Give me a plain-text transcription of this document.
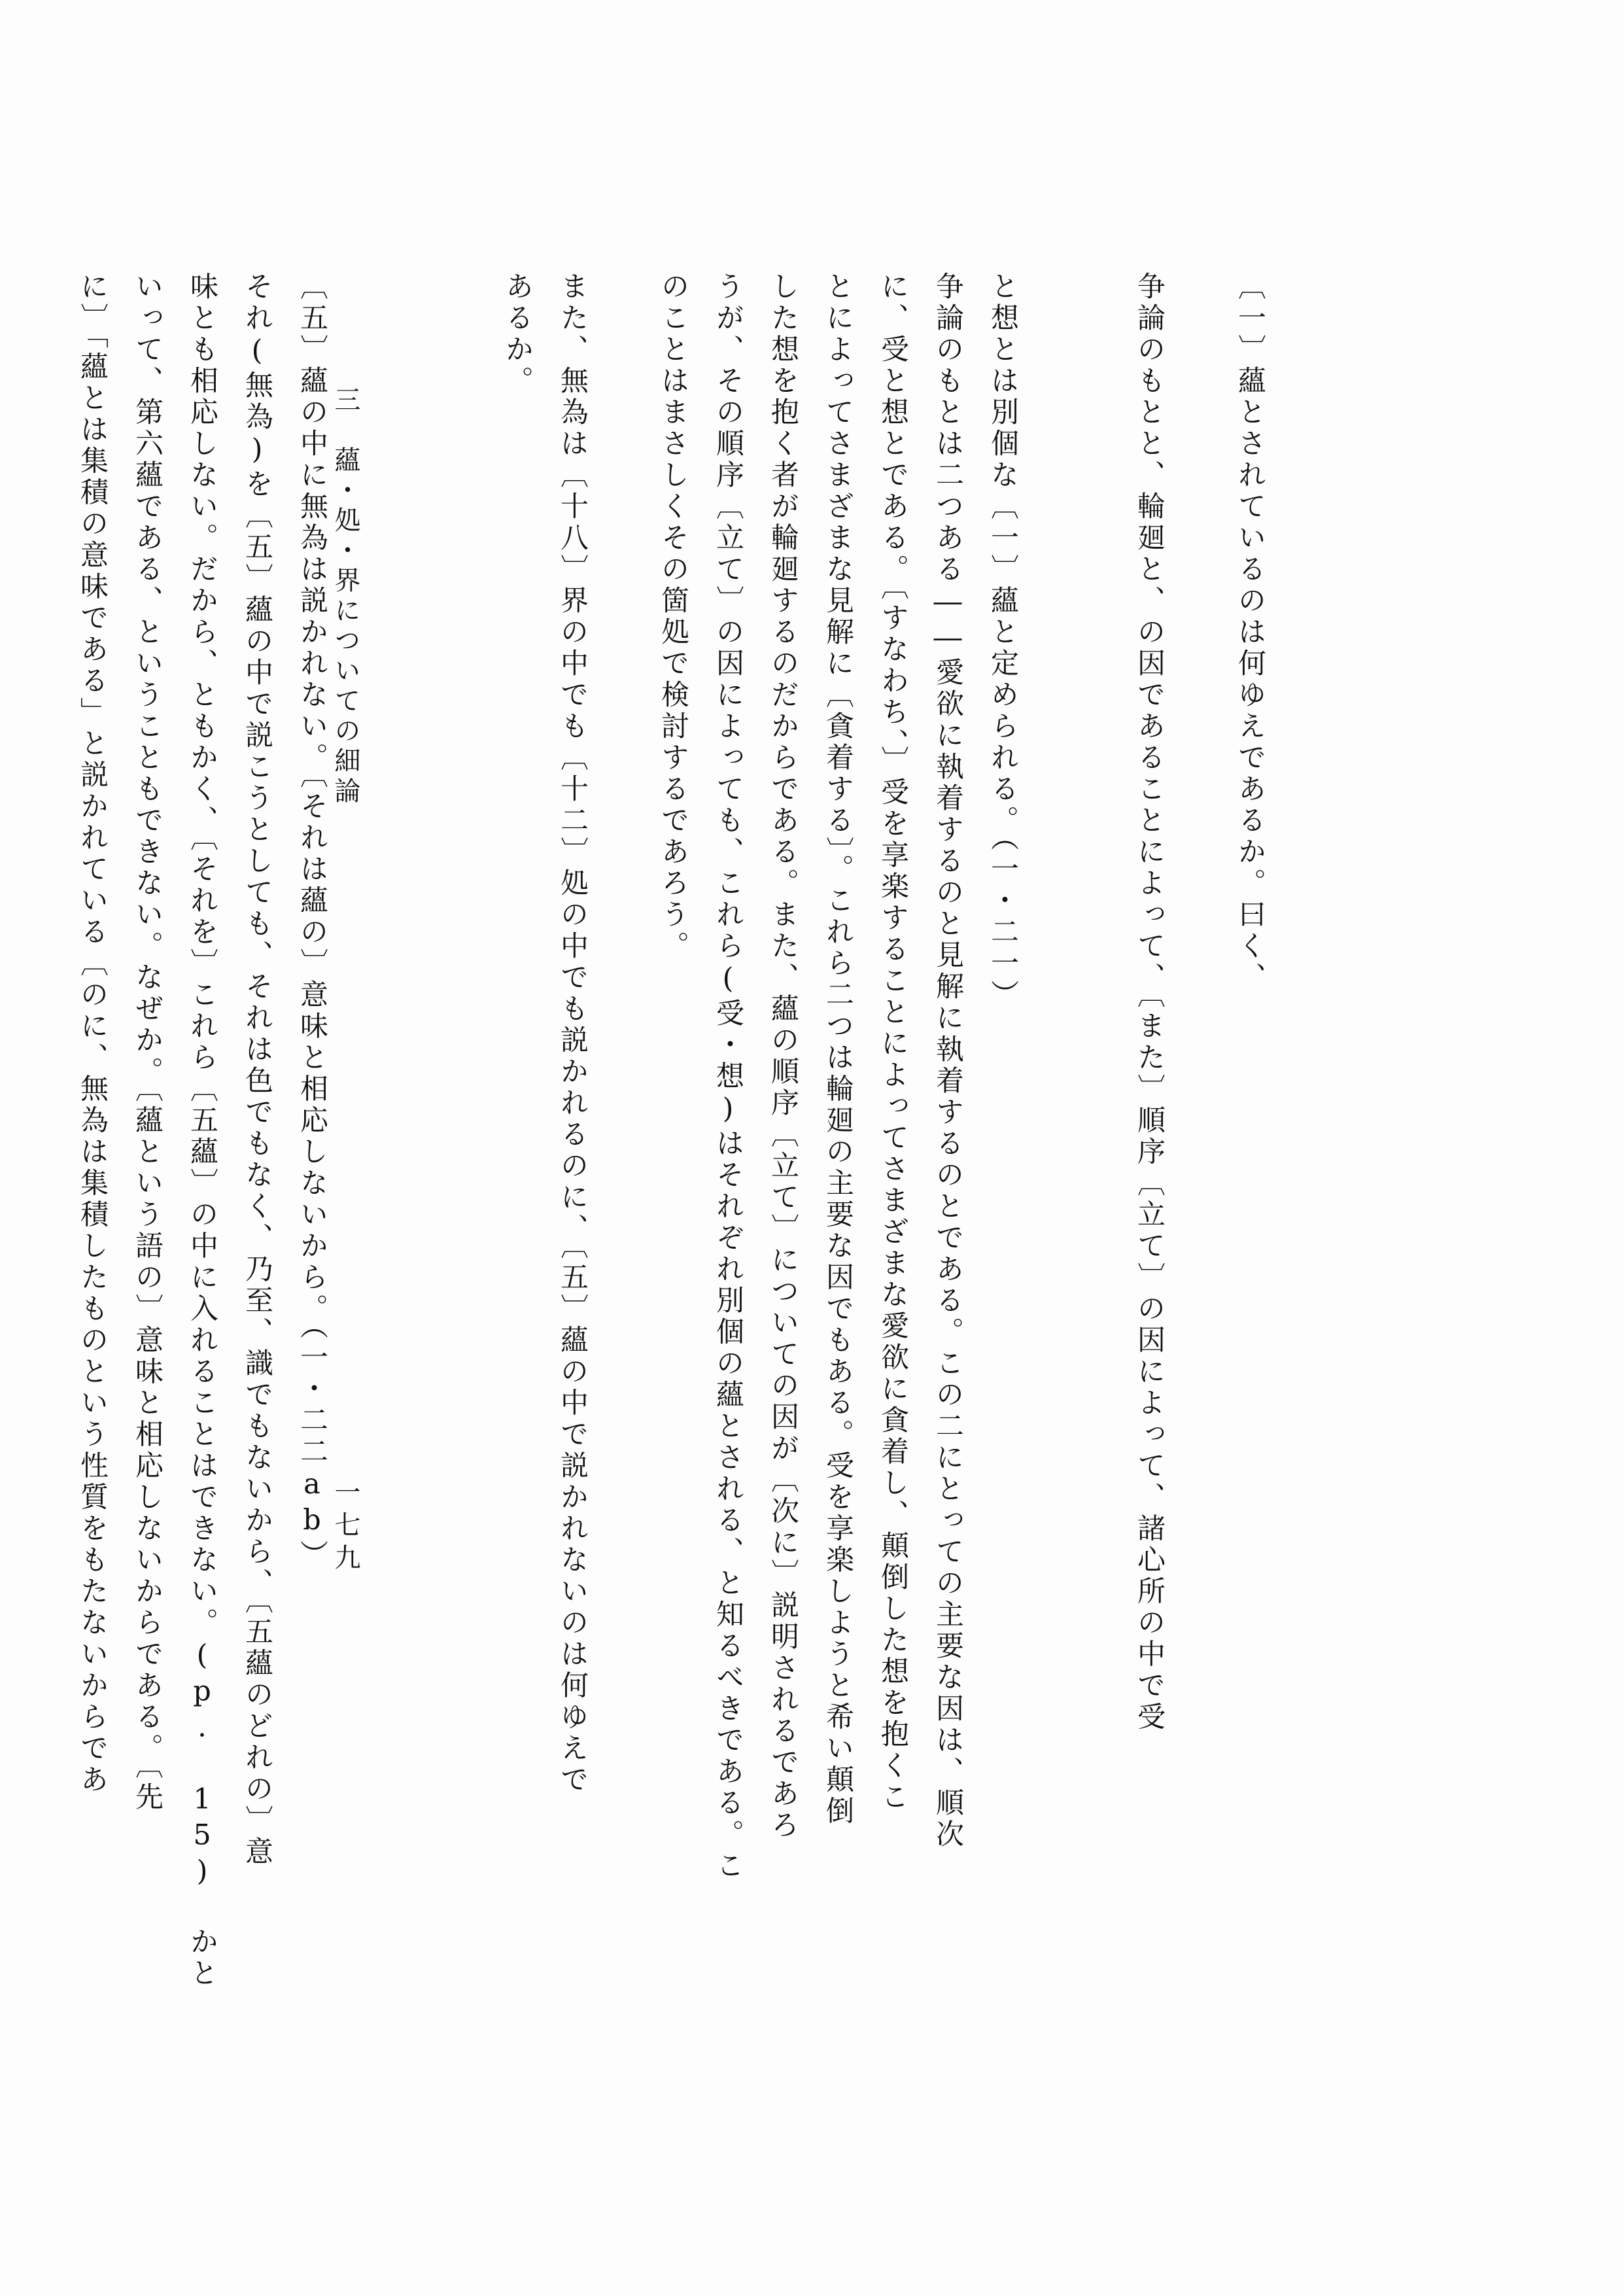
〔一〕蘊とされているのは何ゆえであるか。曰く、
争論のもとと、輪廻と、の因であることによって、〔また〕順序〔立て〕の因によって、諸心所の中で受
と想とは別個な〔一〕蘊と定められる。（一・二一）
争論のもとは二つある――愛欲に執着するのと見解に執着するのとである。この二にとっての主要な因は、順次
に、受と想とである。〔すなわち、〕受を享楽することによってさまざまな愛欲に貪着し、顛倒した想を抱くこ
とによってさまざまな見解に〔貪着する〕。これら二つは輪廻の主要な因でもある。受を享楽しようと希い顛倒
した想を抱く者が輪廻するのだからである。また、蘊の順序〔立て〕についての因が〔次に〕説明されるであろ
うが、その順序〔立て〕の因によっても、これら(受・想)はそれぞれ別個の蘊とされる、と知るべきである。こ
のことはまさしくその箇処で検討するであろう。
また、無為は〔十八〕界の中でも〔十二〕処の中でも説かれるのに、〔五〕蘊の中で説かれないのは何ゆえで
あるか。
〔五〕蘊の中に無為は説かれない。〔それは蘊の〕意味と相応しないから。（一・二二ab）
それ(無為)を〔五〕蘊の中で説こうとしても、それは色でもなく、乃至、識でもないから、〔五蘊のどれの〕意
味とも相応しない。だから、ともかく、〔それを〕これら〔五蘊〕の中に入れることはできない。(p. 15) かと
いって、第六蘊である、ということもできない。なぜか。〔蘊という語の〕意味と相応しないからである。〔先
に〕「蘊とは集積の意味である」と説かれている〔のに、無為は集積したものという性質をもたないからであ	三　蘊・処・界についての細論
一七九
